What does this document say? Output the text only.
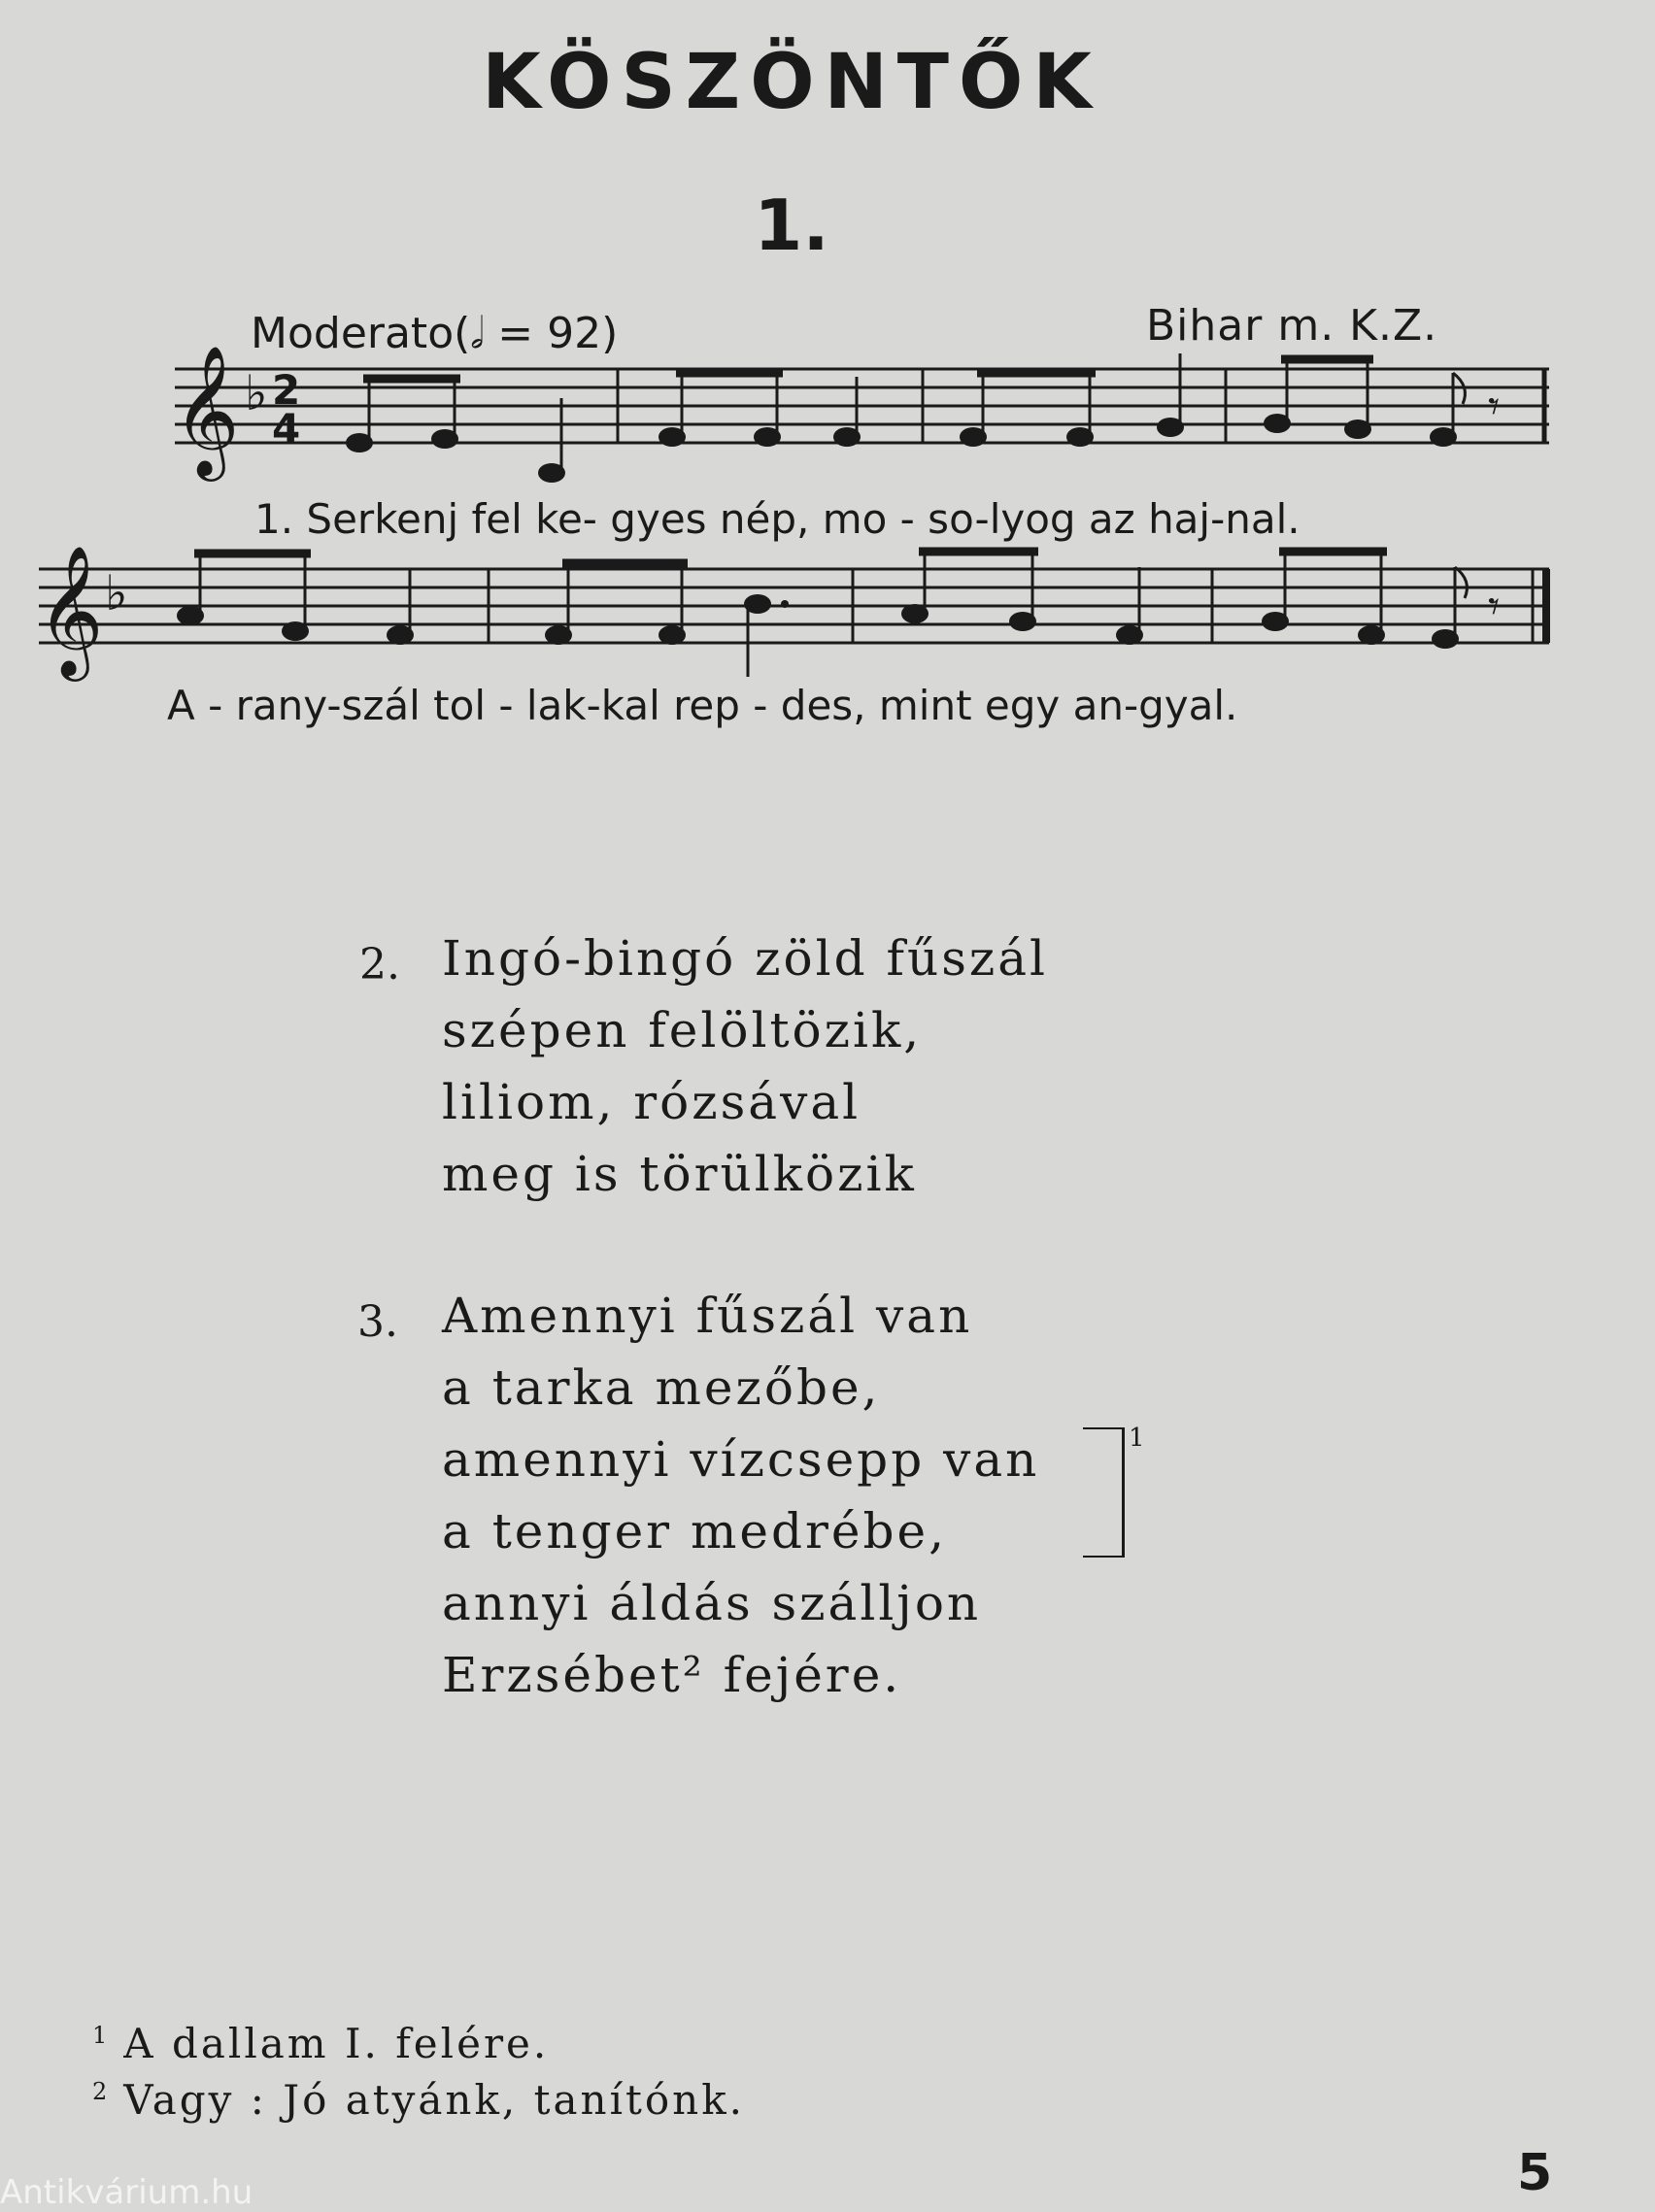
KÖSZÖNTŐK
1.
Moderato(𝅗𝅥 = 92)	Bihar m. K.Z.
𝄞 ♭ 2
4	𝄾
1. Serkenj fel ke- gyes nép, mo - so-lyog az haj-nal.
𝄞 ♭	𝄾
A - rany-szál tol - lak-kal rep - des, mint egy an-gyal.
2. Ingó-bingó zöld fűszál
szépen felöltözik,
liliom, rózsával
meg is törülközik
3. Amennyi fűszál van
a tarka mezőbe,
amennyi vízcsepp van
a tenger medrébe,
annyi áldás szálljon
Erzsébet² fejére.
1
$^1$ A dallam I. felére.
$^2$ Vagy : Jó atyánk, tanítónk.
5
Antikvárium.hu
